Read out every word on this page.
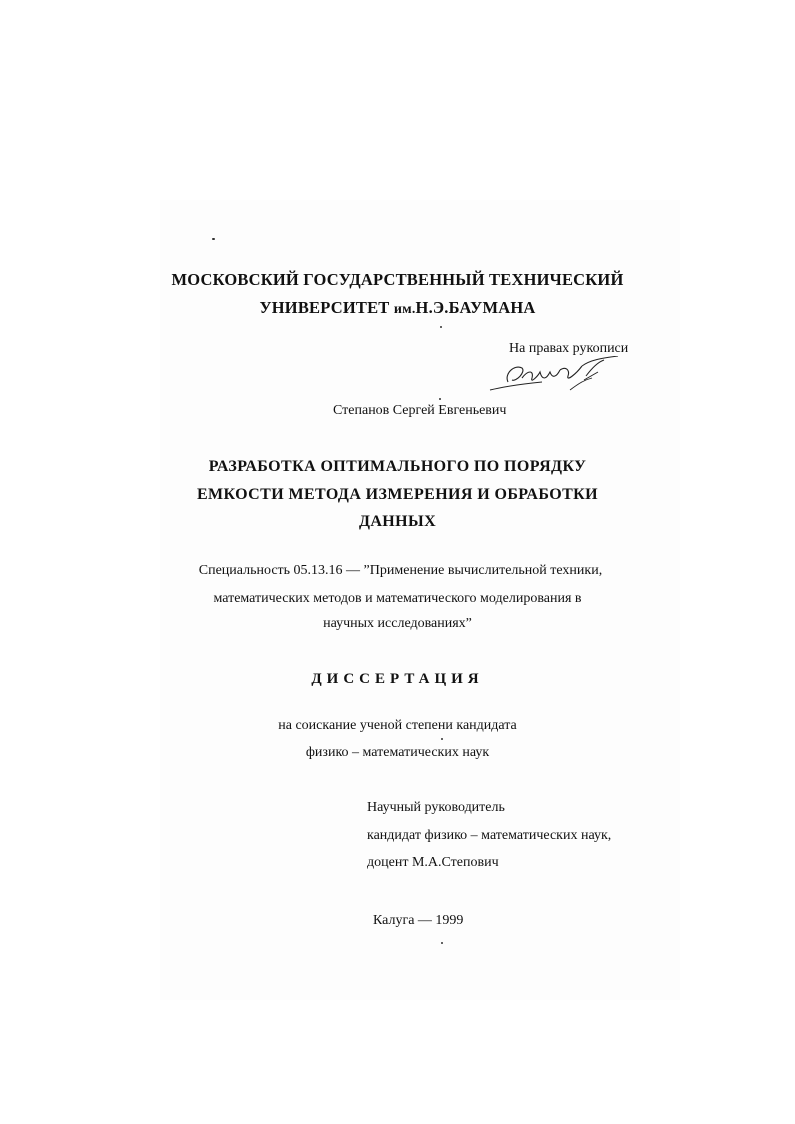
МОСКОВСКИЙ ГОСУДАРСТВЕННЫЙ ТЕХНИЧЕСКИЙ
УНИВЕРСИТЕТ им.Н.Э.БАУМАНА
На правах рукописи
Степанов Сергей Евгеньевич
РАЗРАБОТКА ОПТИМАЛЬНОГО ПО ПОРЯДКУ
ЕМКОСТИ МЕТОДА ИЗМЕРЕНИЯ И ОБРАБОТКИ
ДАННЫХ
Специальность 05.13.16 — ”Применение вычислительной техники,
математических методов и математического моделирования в
научных исследованиях”
ДИССЕРТАЦИЯ
на соискание ученой степени кандидата
физико – математических наук
Научный руководитель
кандидат физико – математических наук,
доцент М.А.Степович
Калуга — 1999
